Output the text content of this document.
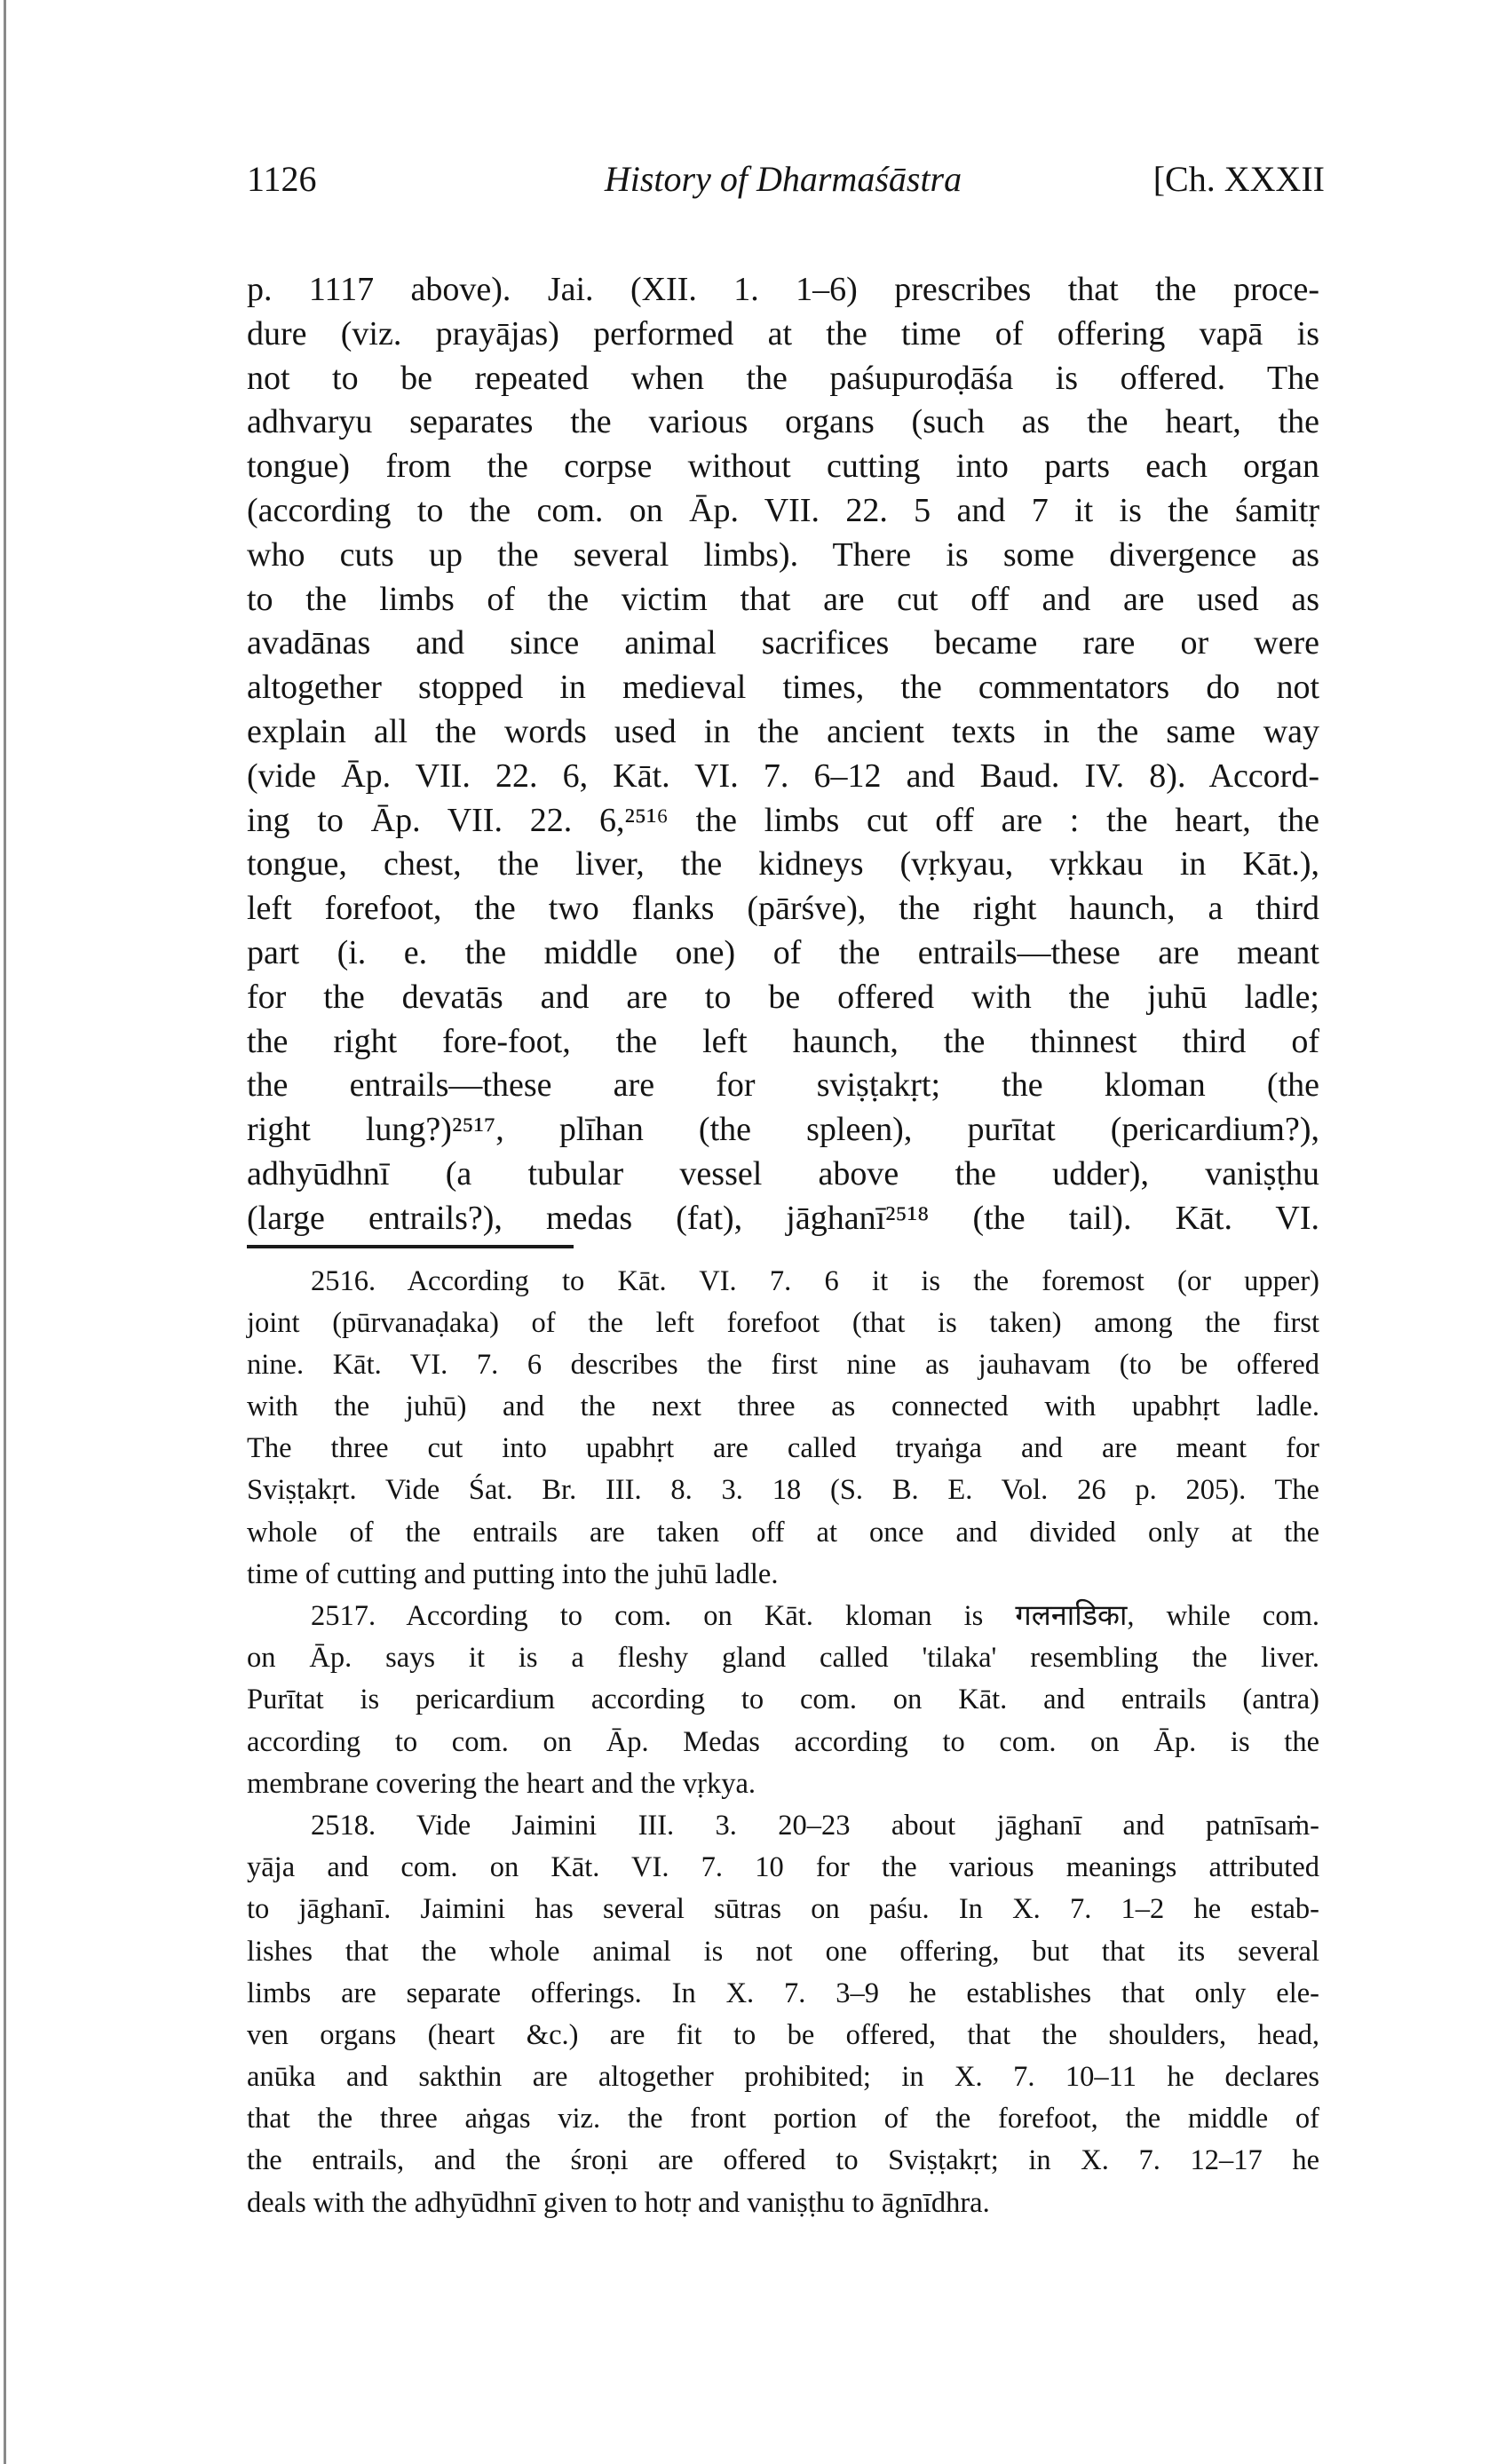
1126	History of Dharmaśāstra	[Ch. XXXII
p. 1117 above). Jai. (XII. 1. 1–6) prescribes that the proce-
dure (viz. prayājas) performed at the time of offering vapā is
not to be repeated when the paśupuroḍāśa is offered. The
adhvaryu separates the various organs (such as the heart, the
tongue) from the corpse without cutting into parts each organ
(according to the com. on Āp. VII. 22. 5 and 7 it is the śamitṛ
who cuts up the several limbs). There is some divergence as
to the limbs of the victim that are cut off and are used as
avadānas and since animal sacrifices became rare or were
altogether stopped in medieval times, the commentators do not
explain all the words used in the ancient texts in the same way
(vide Āp. VII. 22. 6, Kāt. VI. 7. 6–12 and Baud. IV. 8). Accord-
ing to Āp. VII. 22. 6,²⁵¹⁶ the limbs cut off are : the heart, the
tongue, chest, the liver, the kidneys (vṛkyau, vṛkkau in Kāt.),
left forefoot, the two flanks (pārśve), the right haunch, a third
part (i. e. the middle one) of the entrails—these are meant
for the devatās and are to be offered with the juhū ladle;
the right fore-foot, the left haunch, the thinnest third of
the entrails—these are for sviṣṭakṛt; the kloman (the
right lung?)²⁵¹⁷, plīhan (the spleen), purītat (pericardium?),
adhyūdhnī (a tubular vessel above the udder), vaniṣṭhu
(large entrails?), medas (fat), jāghanī²⁵¹⁸ (the tail). Kāt. VI.
2516. According to Kāt. VI. 7. 6 it is the foremost (or upper)
joint (pūrvanaḍaka) of the left forefoot (that is taken) among the first
nine. Kāt. VI. 7. 6 describes the first nine as jauhavam (to be offered
with the juhū) and the next three as connected with upabhṛt ladle.
The three cut into upabhṛt are called tryaṅga and are meant for
Sviṣṭakṛt. Vide Śat. Br. III. 8. 3. 18 (S. B. E. Vol. 26 p. 205). The
whole of the entrails are taken off at once and divided only at the
time of cutting and putting into the juhū ladle.
2517. According to com. on Kāt. kloman is गलनाडिका, while com.
on Āp. says it is a fleshy gland called 'tilaka' resembling the liver.
Purītat is pericardium according to com. on Kāt. and entrails (antra)
according to com. on Āp. Medas according to com. on Āp. is the
membrane covering the heart and the vṛkya.
2518. Vide Jaimini III. 3. 20–23 about jāghanī and patnīsaṁ-
yāja and com. on Kāt. VI. 7. 10 for the various meanings attributed
to jāghanī. Jaimini has several sūtras on paśu. In X. 7. 1–2 he estab-
lishes that the whole animal is not one offering, but that its several
limbs are separate offerings. In X. 7. 3–9 he establishes that only ele-
ven organs (heart &c.) are fit to be offered, that the shoulders, head,
anūka and sakthin are altogether prohibited; in X. 7. 10–11 he declares
that the three aṅgas viz. the front portion of the forefoot, the middle of
the entrails, and the śroṇi are offered to Sviṣṭakṛt; in X. 7. 12–17 he
deals with the adhyūdhnī given to hotṛ and vaniṣṭhu to āgnīdhra.
